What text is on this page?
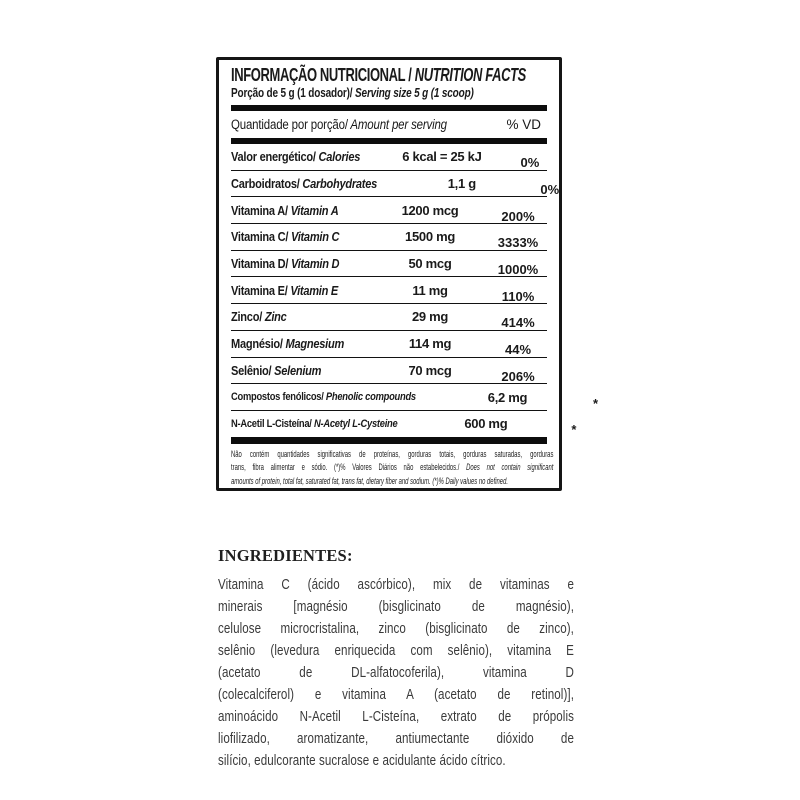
INFORMAÇÃO NUTRICIONAL / NUTRITION FACTS
Porção de 5 g (1 dosador)/ Serving size 5 g (1 scoop)
Quantidade por porção/ Amount per serving	% VD
Valor energético/ Calories	6 kcal = 25 kJ	0%
Carboidratos/ Carbohydrates	1,1 g	0%
Vitamina A/ Vitamin A	1200 mcg	200%
Vitamina C/ Vitamin C	1500 mg	3333%
Vitamina D/ Vitamin D	50 mcg	1000%
Vitamina E/ Vitamin E	11 mg	110%
Zinco/ Zinc	29 mg	414%
Magnésio/ Magnesium	114 mg	44%
Selênio/ Selenium	70 mcg	206%
Compostos fenólicos/ Phenolic compounds	6,2 mg	*
N-Acetil L-Cisteína/ N-Acetyl L-Cysteine	600 mg	*
Não contém quantidades significativas de proteínas, gorduras totais, gorduras saturadas, gorduras
trans, fibra alimentar e sódio. (*)% Valores Diários não estabelecidos./ Does not contain significant
amounts of protein, total fat, saturated fat, trans fat, dietary fiber and sodium. (*)% Daily values no defined.
INGREDIENTES:
Vitamina C (ácido ascórbico), mix de vitaminas e
minerais [magnésio (bisglicinato de magnésio),
celulose microcristalina, zinco (bisglicinato de zinco),
selênio (levedura enriquecida com selênio), vitamina E
(acetato de DL-alfatocoferila), vitamina D
(colecalciferol) e vitamina A (acetato de retinol)],
aminoácido N-Acetil L-Cisteína, extrato de própolis
liofilizado, aromatizante, antiumectante dióxido de
silício, edulcorante sucralose e acidulante ácido cítrico.
